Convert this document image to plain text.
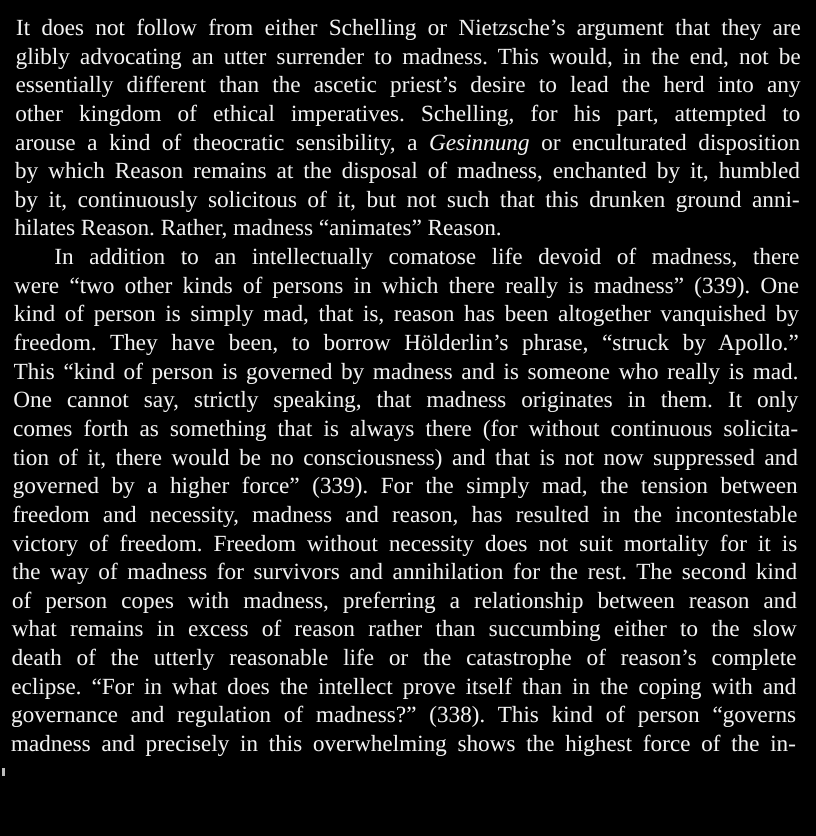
It does not follow from either Schelling or Nietzsche’s argument that they are
glibly advocating an utter surrender to madness. This would, in the end, not be
essentially different than the ascetic priest’s desire to lead the herd into any
other kingdom of ethical imperatives. Schelling, for his part, attempted to
arouse a kind of theocratic sensibility, a Gesinnung or enculturated disposition
by which Reason remains at the disposal of madness, enchanted by it, humbled
by it, continuously solicitous of it, but not such that this drunken ground anni-
hilates Reason. Rather, madness “animates” Reason.
In addition to an intellectually comatose life devoid of madness, there
were “two other kinds of persons in which there really is madness” (339). One
kind of person is simply mad, that is, reason has been altogether vanquished by
freedom. They have been, to borrow Hölderlin’s phrase, “struck by Apollo.”
This “kind of person is governed by madness and is someone who really is mad.
One cannot say, strictly speaking, that madness originates in them. It only
comes forth as something that is always there (for without continuous solicita-
tion of it, there would be no consciousness) and that is not now suppressed and
governed by a higher force” (339). For the simply mad, the tension between
freedom and necessity, madness and reason, has resulted in the incontestable
victory of freedom. Freedom without necessity does not suit mortality for it is
the way of madness for survivors and annihilation for the rest. The second kind
of person copes with madness, preferring a relationship between reason and
what remains in excess of reason rather than succumbing either to the slow
death of the utterly reasonable life or the catastrophe of reason’s complete
eclipse. “For in what does the intellect prove itself than in the coping with and
governance and regulation of madness?” (338). This kind of person “governs
madness and precisely in this overwhelming shows the highest force of the in-
